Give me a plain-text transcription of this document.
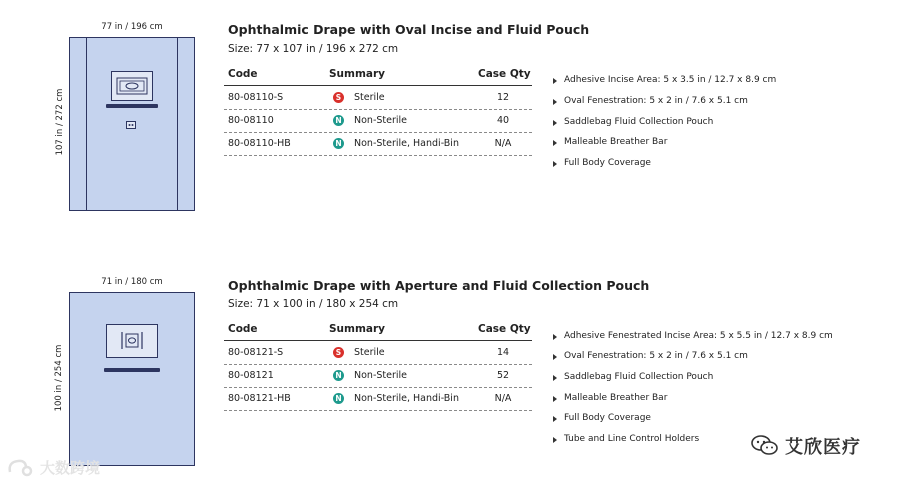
77 in / 196 cm
107 in / 272 cm
Ophthalmic Drape with Oval Incise and Fluid Pouch
Size: 77 x 107 in / 196 x 272 cm
Code	Summary	Case Qty
80-08110-S	S Sterile	12
80-08110	N Non-Sterile	40
80-08110-HB	N Non-Sterile, Handi-Bin	N/A
Adhesive Incise Area: 5 x 3.5 in / 12.7 x 8.9 cm
Oval Fenestration: 5 x 2 in / 7.6 x 5.1 cm
Saddlebag Fluid Collection Pouch
Malleable Breather Bar
Full Body Coverage
71 in / 180 cm
100 in / 254 cm
Ophthalmic Drape with Aperture and Fluid Collection Pouch
Size: 71 x 100 in / 180 x 254 cm
Code	Summary	Case Qty
80-08121-S	S Sterile	14
80-08121	N Non-Sterile	52
80-08121-HB	N Non-Sterile, Handi-Bin	N/A
Adhesive Fenestrated Incise Area: 5 x 5.5 in / 12.7 x 8.9 cm
Oval Fenestration: 5 x 2 in / 7.6 x 5.1 cm
Saddlebag Fluid Collection Pouch
Malleable Breather Bar
Full Body Coverage
Tube and Line Control Holders
大数跨境
艾欣医疗
